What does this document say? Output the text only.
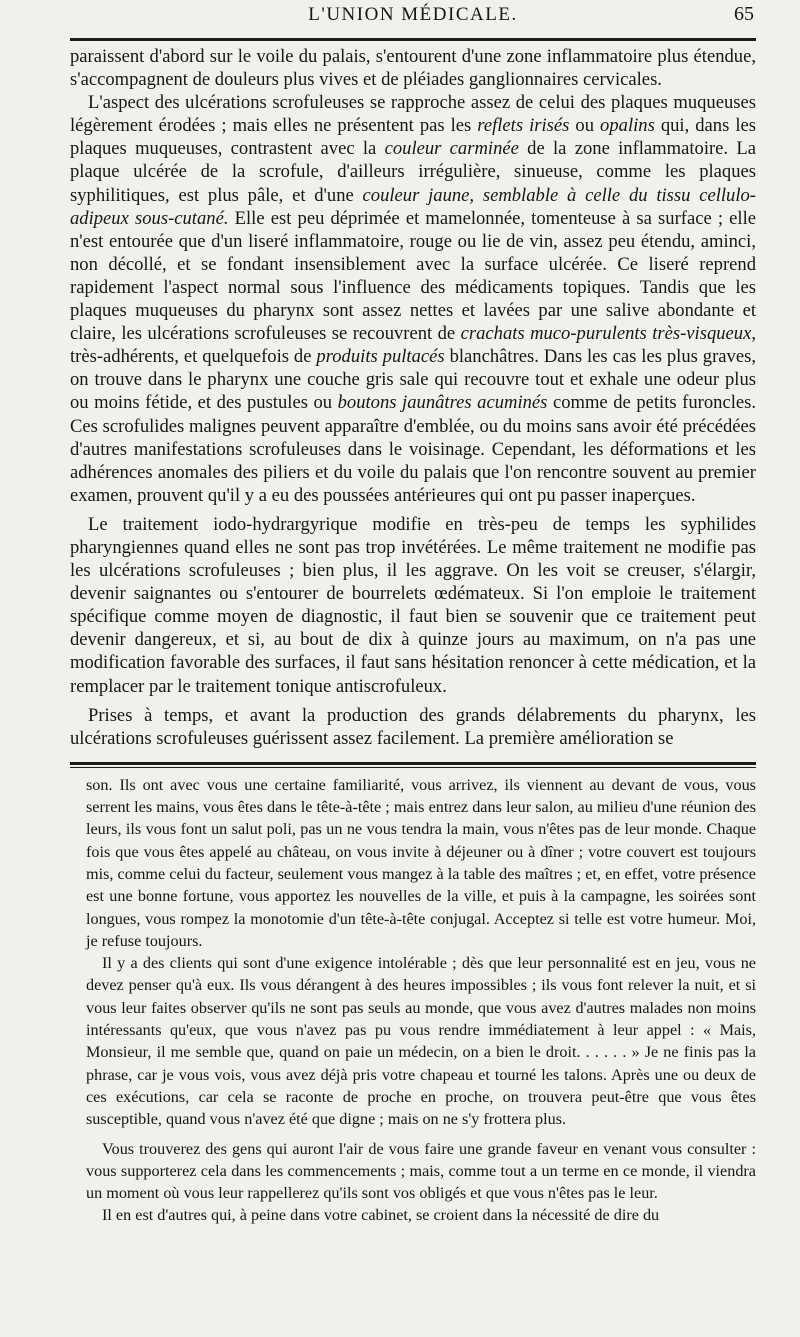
L'UNION MÉDICALE.	65

paraissent d'abord sur le voile du palais, s'entourent d'une zone inflammatoire plus étendue, s'accompagnent de douleurs plus vives et de pléiades ganglionnaires cervicales.

L'aspect des ulcérations scrofuleuses se rapproche assez de celui des plaques muqueuses légèrement érodées ; mais elles ne présentent pas les reflets irisés ou opalins qui, dans les plaques muqueuses, contrastent avec la couleur carminée de la zone inflammatoire. La plaque ulcérée de la scrofule, d'ailleurs irrégulière, sinueuse, comme les plaques syphilitiques, est plus pâle, et d'une couleur jaune, semblable à celle du tissu cellulo-adipeux sous-cutané. Elle est peu déprimée et mamelonnée, tomenteuse à sa surface ; elle n'est entourée que d'un liseré inflammatoire, rouge ou lie de vin, assez peu étendu, aminci, non décollé, et se fondant insensiblement avec la surface ulcérée. Ce liseré reprend rapidement l'aspect normal sous l'influence des médicaments topiques. Tandis que les plaques muqueuses du pharynx sont assez nettes et lavées par une salive abondante et claire, les ulcérations scrofuleuses se recouvrent de crachats muco-purulents très-visqueux, très-adhérents, et quelquefois de produits pultacés blanchâtres. Dans les cas les plus graves, on trouve dans le pharynx une couche gris sale qui recouvre tout et exhale une odeur plus ou moins fétide, et des pustules ou boutons jaunâtres acuminés comme de petits furoncles. Ces scrofulides malignes peuvent apparaître d'emblée, ou du moins sans avoir été précédées d'autres manifestations scrofuleuses dans le voisinage. Cependant, les déformations et les adhérences anomales des piliers et du voile du palais que l'on rencontre souvent au premier examen, prouvent qu'il y a eu des poussées antérieures qui ont pu passer inaperçues.

Le traitement iodo-hydrargyrique modifie en très-peu de temps les syphilides pharyngiennes quand elles ne sont pas trop invétérées. Le même traitement ne modifie pas les ulcérations scrofuleuses ; bien plus, il les aggrave. On les voit se creuser, s'élargir, devenir saignantes ou s'entourer de bourrelets œdémateux. Si l'on emploie le traitement spécifique comme moyen de diagnostic, il faut bien se souvenir que ce traitement peut devenir dangereux, et si, au bout de dix à quinze jours au maximum, on n'a pas une modification favorable des surfaces, il faut sans hésitation renoncer à cette médication, et la remplacer par le traitement tonique antiscrofuleux.

Prises à temps, et avant la production des grands délabrements du pharynx, les ulcérations scrofuleuses guérissent assez facilement. La première amélioration se

son. Ils ont avec vous une certaine familiarité, vous arrivez, ils viennent au devant de vous, vous serrent les mains, vous êtes dans le tête-à-tête ; mais entrez dans leur salon, au milieu d'une réunion des leurs, ils vous font un salut poli, pas un ne vous tendra la main, vous n'êtes pas de leur monde. Chaque fois que vous êtes appelé au château, on vous invite à déjeuner ou à dîner ; votre couvert est toujours mis, comme celui du facteur, seulement vous mangez à la table des maîtres ; et, en effet, votre présence est une bonne fortune, vous apportez les nouvelles de la ville, et puis à la campagne, les soirées sont longues, vous rompez la monotomie d'un tête-à-tête conjugal. Acceptez si telle est votre humeur. Moi, je refuse toujours.

Il y a des clients qui sont d'une exigence intolérable ; dès que leur personnalité est en jeu, vous ne devez penser qu'à eux. Ils vous dérangent à des heures impossibles ; ils vous font relever la nuit, et si vous leur faites observer qu'ils ne sont pas seuls au monde, que vous avez d'autres malades non moins intéressants qu'eux, que vous n'avez pas pu vous rendre immédiatement à leur appel : « Mais, Monsieur, il me semble que, quand on paie un médecin, on a bien le droit. . . . . . » Je ne finis pas la phrase, car je vous vois, vous avez déjà pris votre chapeau et tourné les talons. Après une ou deux de ces exécutions, car cela se raconte de proche en proche, on trouvera peut-être que vous êtes susceptible, quand vous n'avez été que digne ; mais on ne s'y frottera plus.

Vous trouverez des gens qui auront l'air de vous faire une grande faveur en venant vous consulter : vous supporterez cela dans les commencements ; mais, comme tout a un terme en ce monde, il viendra un moment où vous leur rappellerez qu'ils sont vos obligés et que vous n'êtes pas le leur.

Il en est d'autres qui, à peine dans votre cabinet, se croient dans la nécessité de dire du
